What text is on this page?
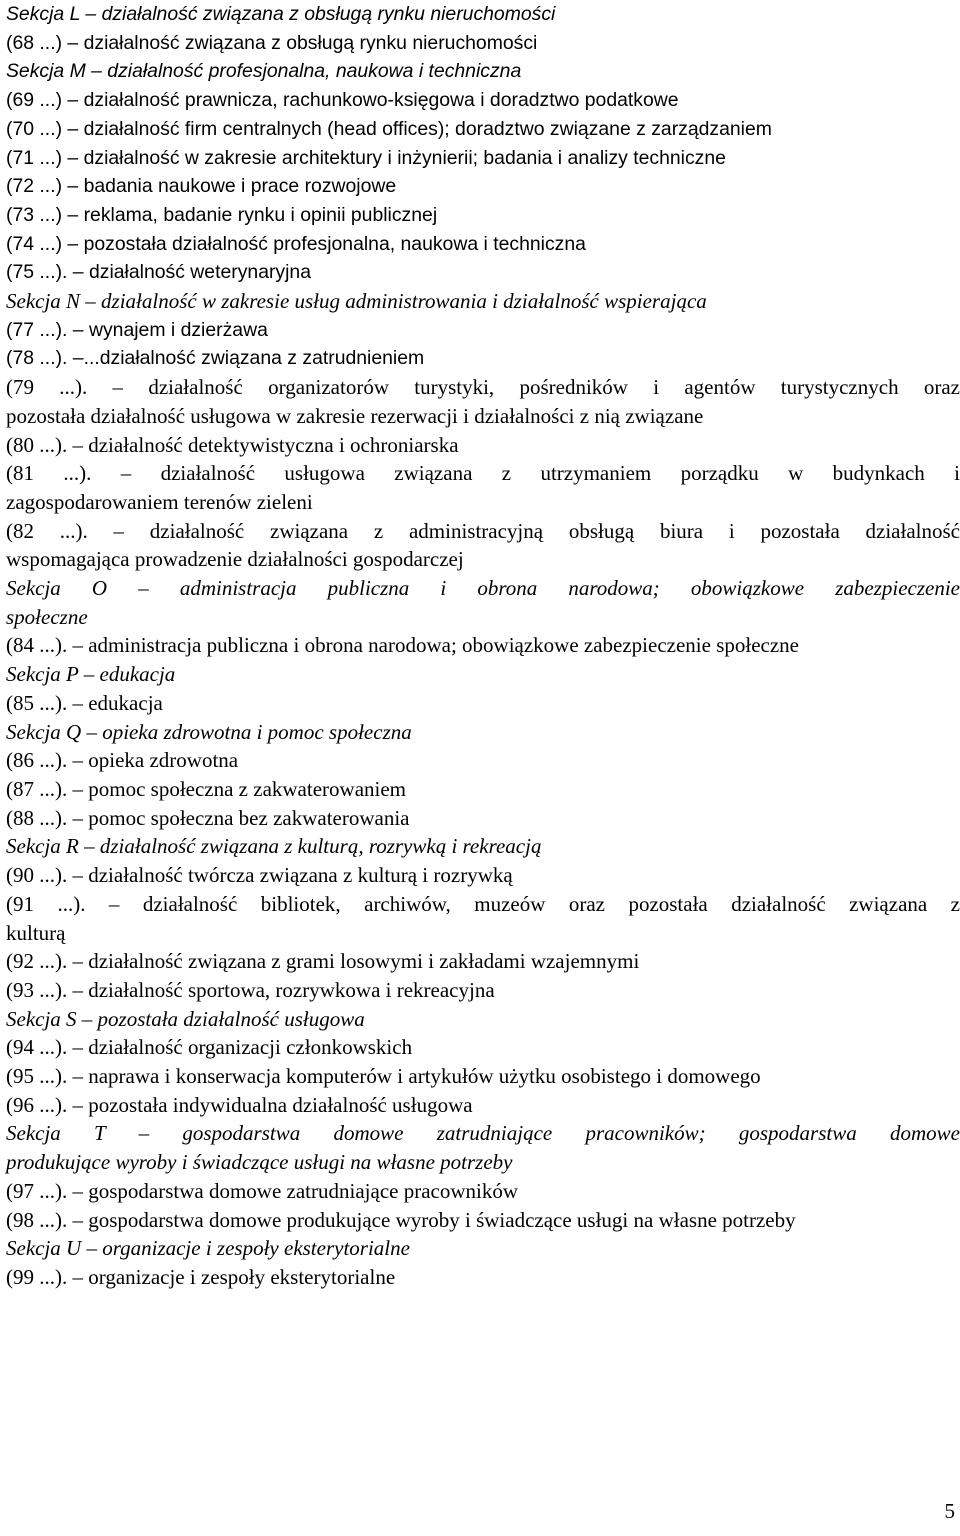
Sekcja L – działalność związana z obsługą rynku nieruchomości
(68 ...) – działalność związana z obsługą rynku nieruchomości
Sekcja M – działalność profesjonalna, naukowa i techniczna
(69 ...) – działalność prawnicza, rachunkowo-księgowa i doradztwo podatkowe
(70 ...) – działalność firm centralnych (head offices); doradztwo związane z zarządzaniem
(71 ...) – działalność w zakresie architektury i inżynierii; badania i analizy techniczne
(72 ...) – badania naukowe i prace rozwojowe
(73 ...) – reklama, badanie rynku i opinii publicznej
(74 ...) – pozostała działalność profesjonalna, naukowa i techniczna
(75 ...). – działalność weterynaryjna
Sekcja N – działalność w zakresie usług administrowania i działalność wspierająca
(77 ...). – wynajem i dzierżawa
(78 ...). –...działalność związana z zatrudnieniem
(79 ...). – działalność organizatorów turystyki, pośredników i agentów turystycznych oraz
pozostała działalność usługowa w zakresie rezerwacji i działalności z nią związane
(80 ...). – działalność detektywistyczna i ochroniarska
(81 ...). – działalność usługowa związana z utrzymaniem porządku w budynkach i
zagospodarowaniem terenów zieleni
(82 ...). – działalność związana z administracyjną obsługą biura i pozostała działalność
wspomagająca prowadzenie działalności gospodarczej
Sekcja O – administracja publiczna i obrona narodowa; obowiązkowe zabezpieczenie
społeczne
(84 ...). – administracja publiczna i obrona narodowa; obowiązkowe zabezpieczenie społeczne
Sekcja P – edukacja
(85 ...). – edukacja
Sekcja Q – opieka zdrowotna i pomoc społeczna
(86 ...). – opieka zdrowotna
(87 ...). – pomoc społeczna z zakwaterowaniem
(88 ...). – pomoc społeczna bez zakwaterowania
Sekcja R – działalność związana z kulturą, rozrywką i rekreacją
(90 ...). – działalność twórcza związana z kulturą i rozrywką
(91 ...). – działalność bibliotek, archiwów, muzeów oraz pozostała działalność związana z
kulturą
(92 ...). – działalność związana z grami losowymi i zakładami wzajemnymi
(93 ...). – działalność sportowa, rozrywkowa i rekreacyjna
Sekcja S – pozostała działalność usługowa
(94 ...). – działalność organizacji członkowskich
(95 ...). – naprawa i konserwacja komputerów i artykułów użytku osobistego i domowego
(96 ...). – pozostała indywidualna działalność usługowa
Sekcja T – gospodarstwa domowe zatrudniające pracowników; gospodarstwa domowe
produkujące wyroby i świadczące usługi na własne potrzeby
(97 ...). – gospodarstwa domowe zatrudniające pracowników
(98 ...). – gospodarstwa domowe produkujące wyroby i świadczące usługi na własne potrzeby
Sekcja U – organizacje i zespoły eksterytorialne
(99 ...). – organizacje i zespoły eksterytorialne
5
